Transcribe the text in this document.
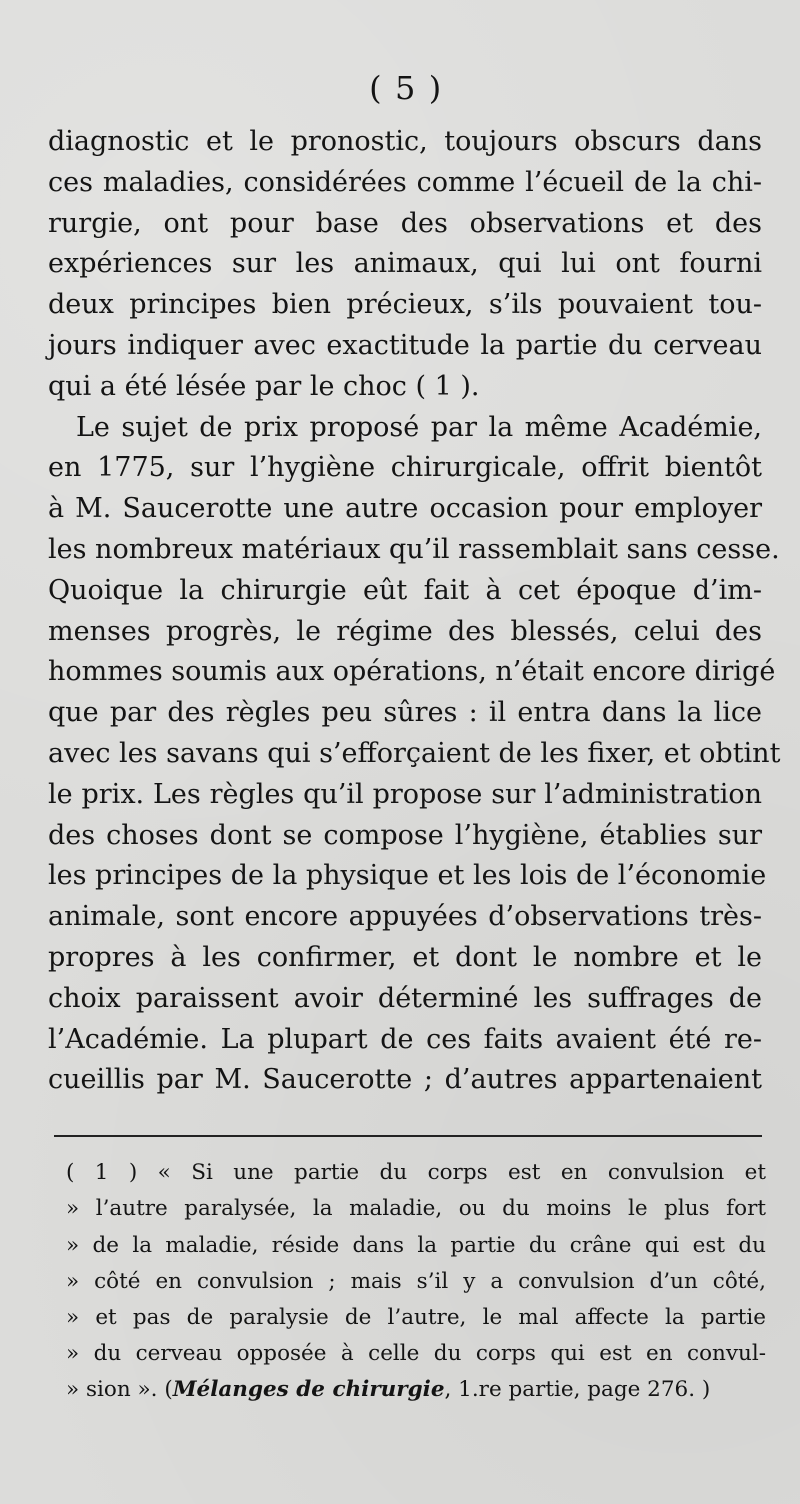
( 5 )
diagnostic et le pronostic, toujours obscurs dans
ces maladies, considérées comme l’écueil de la chi-
rurgie, ont pour base des observations et des
expériences sur les animaux, qui lui ont fourni
deux principes bien précieux, s’ils pouvaient tou-
jours indiquer avec exactitude la partie du cerveau
qui a été lésée par le choc ( 1 ).
Le sujet de prix proposé par la même Académie,
en 1775, sur l’hygiène chirurgicale, offrit bientôt
à M. Saucerotte une autre occasion pour employer
les nombreux matériaux qu’il rassemblait sans cesse.
Quoique la chirurgie eût fait à cet époque d’im-
menses progrès, le régime des blessés, celui des
hommes soumis aux opérations, n’était encore dirigé
que par des règles peu sûres : il entra dans la lice
avec les savans qui s’efforçaient de les fixer, et obtint
le prix. Les règles qu’il propose sur l’administration
des choses dont se compose l’hygiène, établies sur
les principes de la physique et les lois de l’économie
animale, sont encore appuyées d’observations très-
propres à les confirmer, et dont le nombre et le
choix paraissent avoir déterminé les suffrages de
l’Académie. La plupart de ces faits avaient été re-
cueillis par M. Saucerotte ; d’autres appartenaient
( 1 ) « Si une partie du corps est en convulsion et
» l’autre paralysée, la maladie, ou du moins le plus fort
» de la maladie, réside dans la partie du crâne qui est du
» côté en convulsion ; mais s’il y a convulsion d’un côté,
» et pas de paralysie de l’autre, le mal affecte la partie
» du cerveau opposée à celle du corps qui est en convul-
» sion ». (Mélanges de chirurgie, 1.re partie, page 276. )
